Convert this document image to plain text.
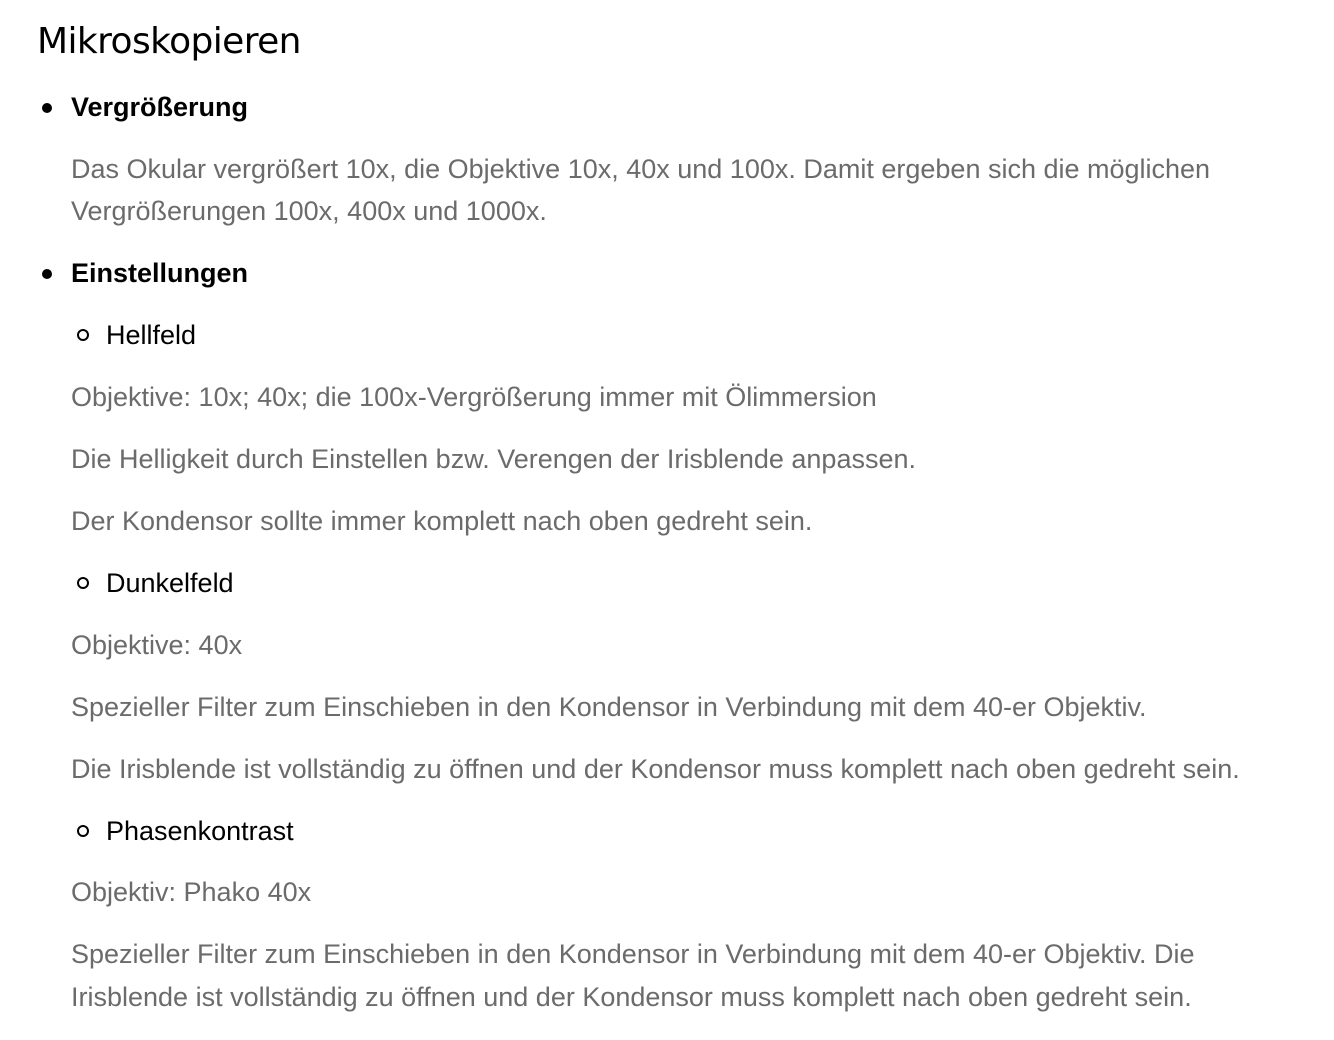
Mikroskopieren

Vergrößerung

Das Okular vergrößert 10x, die Objektive 10x, 40x und 100x. Damit ergeben sich die möglichen

Vergrößerungen 100x, 400x und 1000x.

Einstellungen

Hellfeld

Objektive: 10x; 40x; die 100x-Vergrößerung immer mit Ölimmersion

Die Helligkeit durch Einstellen bzw. Verengen der Irisblende anpassen.

Der Kondensor sollte immer komplett nach oben gedreht sein.

Dunkelfeld

Objektive: 40x

Spezieller Filter zum Einschieben in den Kondensor in Verbindung mit dem 40-er Objektiv.

Die Irisblende ist vollständig zu öffnen und der Kondensor muss komplett nach oben gedreht sein.

Phasenkontrast

Objektiv: Phako 40x

Spezieller Filter zum Einschieben in den Kondensor in Verbindung mit dem 40-er Objektiv. Die

Irisblende ist vollständig zu öffnen und der Kondensor muss komplett nach oben gedreht sein.
